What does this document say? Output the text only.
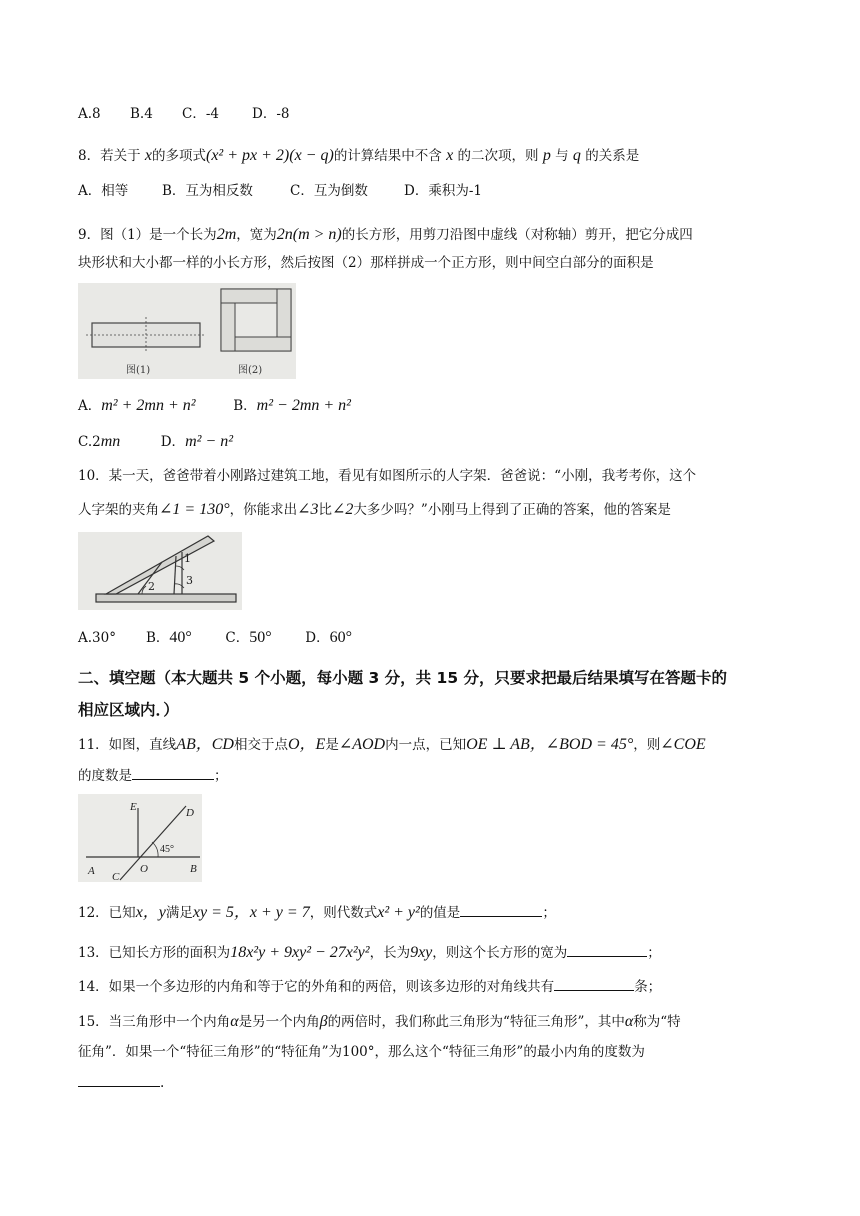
A.8 B.4 C．-4 D．-8
8．若关于 x的多项式(x² + px + 2)(x − q)的计算结果中不含 x 的二次项，则 p 与 q 的关系是
A．相等	B．互为相反数	C．互为倒数	D．乘积为-1
9．图（1）是一个长为2m，宽为2n(m > n)的长方形，用剪刀沿图中虚线（对称轴）剪开，把它分成四
块形状和大小都一样的小长方形，然后按图（2）那样拼成一个正方形，则中间空白部分的面积是
图(1)	图(2)
A．m² + 2mn + n²	B．m² − 2mn + n²
C.2mn	D．m² − n²
10．某一天，爸爸带着小刚路过建筑工地，看见有如图所示的人字架．爸爸说：“小刚，我考考你，这个
人字架的夹角∠1 = 130°，你能求出∠3比∠2大多少吗？”小刚马上得到了正确的答案，他的答案是
1
2	3
A.30° B．40° C．50° D．60°
二、填空题（本大题共 5 个小题，每小题 3 分，共 15 分，只要求把最后结果填写在答题卡的
相应区域内．）
11．如图，直线AB，CD相交于点O，E是∠AOD内一点，已知OE ⊥ AB，∠BOD = 45°，则∠COE
的度数是	；
E	D
45°
A	O	B
C
12．已知x，y满足xy = 5，x + y = 7，则代数式x² + y²的值是	；
13．已知长方形的面积为18x²y + 9xy² − 27x²y²，长为9xy，则这个长方形的宽为	；
14．如果一个多边形的内角和等于它的外角和的两倍，则该多边形的对角线共有	条；
15．当三角形中一个内角α是另一个内角β的两倍时，我们称此三角形为“特征三角形”，其中α称为“特
征角”．如果一个“特征三角形”的“特征角”为100°，那么这个“特征三角形”的最小内角的度数为
.
